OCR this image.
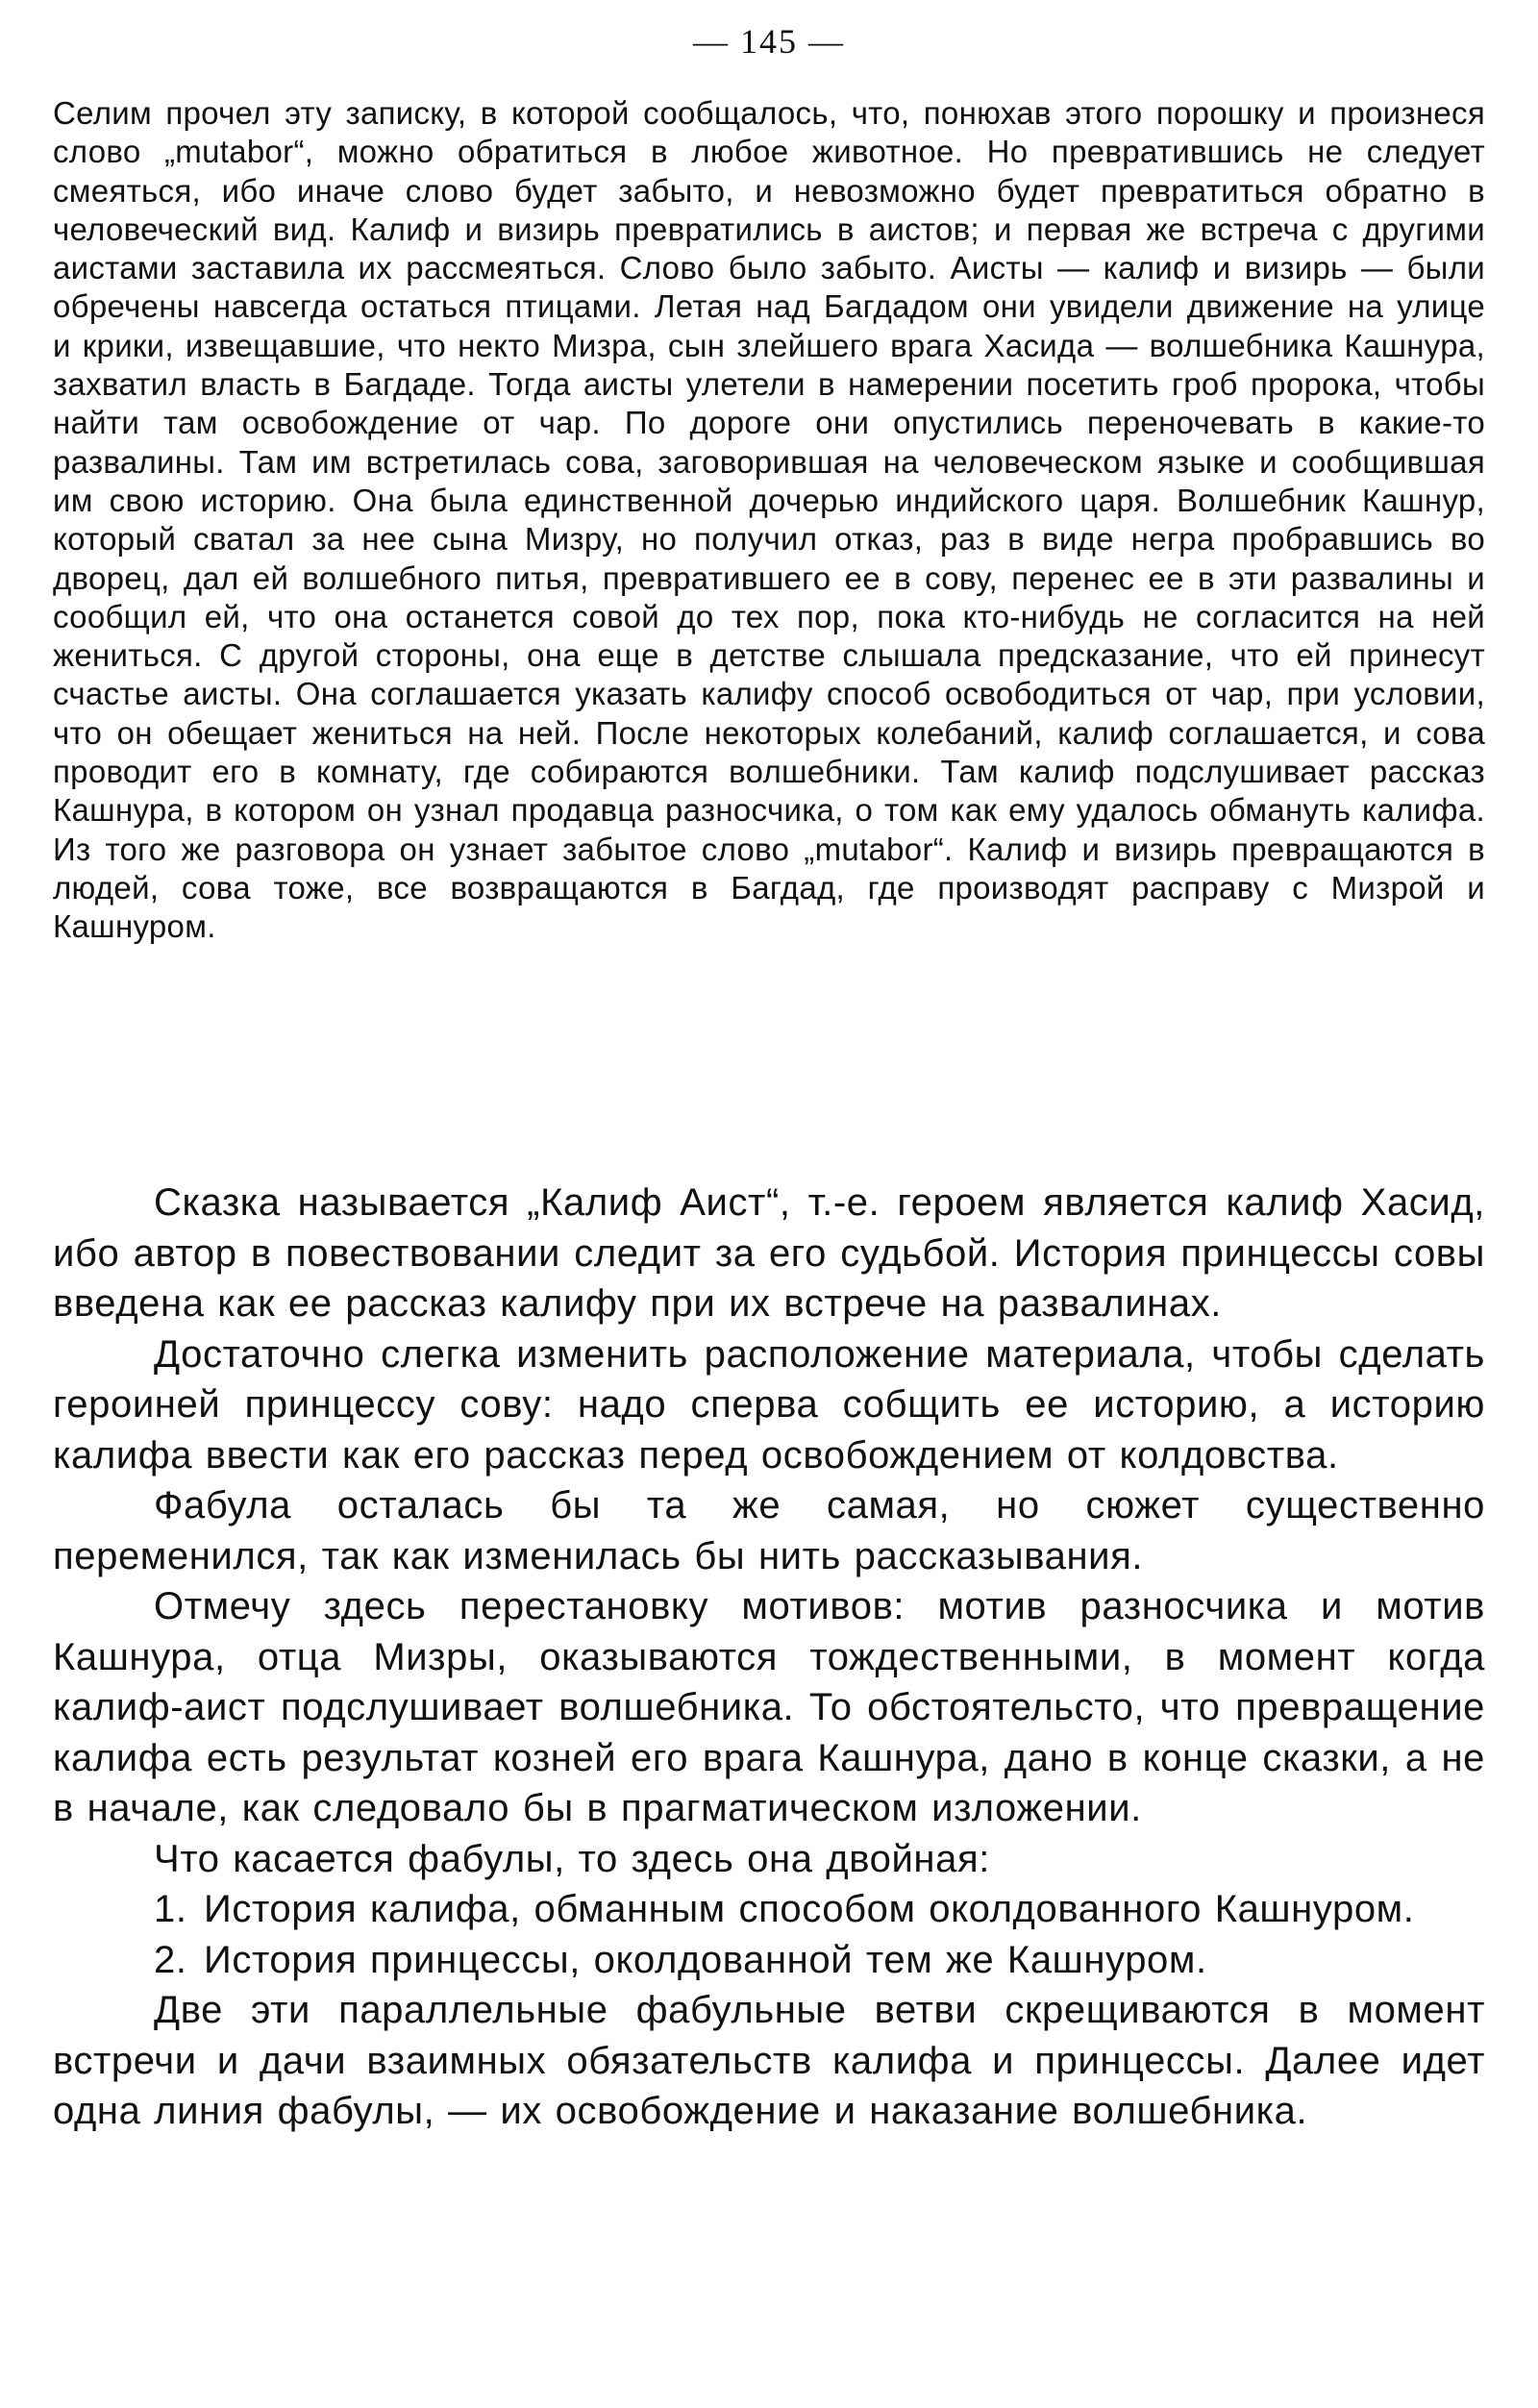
— 145 —

Селим прочел эту записку, в которой сообщалось, что, понюхав этого порошку и произнеся слово „mutabor“, можно обратиться в любое животное. Но превратившись не следует смеяться, ибо иначе слово будет забыто, и невозможно будет превратиться обратно в человеческий вид. Калиф и визирь превратились в аистов; и первая же встреча с другими аистами заставила их рассмеяться. Слово было забыто. Аисты — калиф и визирь — были обречены навсегда остаться птицами. Летая над Багдадом они увидели движение на улице и крики, извещавшие, что некто Мизра, сын злейшего врага Хасида — волшебника Кашнура, захватил власть в Багдаде. Тогда аисты улетели в намерении посетить гроб пророка, чтобы найти там освобождение от чар. По дороге они опустились переночевать в какие-то развалины. Там им встретилась сова, заговорившая на человеческом языке и сообщившая им свою историю. Она была единственной дочерью индийского царя. Волшебник Кашнур, который сватал за нее сына Мизру, но получил отказ, раз в виде негра пробравшись во дворец, дал ей волшебного питья, превратившего ее в сову, перенес ее в эти развалины и сообщил ей, что она останется совой до тех пор, пока кто-нибудь не согласится на ней жениться. С другой стороны, она еще в детстве слышала предсказание, что ей принесут счастье аисты. Она соглашается указать калифу способ освободиться от чар, при условии, что он обещает жениться на ней. После некоторых колебаний, калиф соглашается, и сова проводит его в комнату, где собираются волшебники. Там калиф подслушивает рассказ Кашнура, в котором он узнал продавца разносчика, о том как ему удалось обмануть калифа. Из того же разговора он узнает забытое слово „mutabor“. Калиф и визирь превращаются в людей, сова тоже, все возвращаются в Багдад, где производят расправу с Мизрой и Кашнуром.

Сказка называется „Калиф Аист“, т.-е. героем является калиф Хасид, ибо автор в повествовании следит за его судьбой. История принцессы совы введена как ее рассказ калифу при их встрече на развалинах.

Достаточно слегка изменить расположение материала, чтобы сделать героиней принцессу сову: надо сперва собщить ее историю, а историю калифа ввести как его рассказ перед освобождением от колдовства.

Фабула осталась бы та же самая, но сюжет существенно переменился, так как изменилась бы нить рассказывания.

Отмечу здесь перестановку мотивов: мотив разносчика и мотив Кашнура, отца Мизры, оказываются тождественными, в момент когда калиф-аист подслушивает волшебника. То обстоятельсто, что превращение калифа есть результат козней его врага Кашнура, дано в конце сказки, а не в начале, как следовало бы в прагматическом изложении.

Что касается фабулы, то здесь она двойная:

1. История калифа, обманным способом околдованного Кашнуром.
2. История принцессы, околдованной тем же Кашнуром.

Две эти параллельные фабульные ветви скрещиваются в момент встречи и дачи взаимных обязательств калифа и принцессы. Далее идет одна линия фабулы, — их освобождение и наказание волшебника.
